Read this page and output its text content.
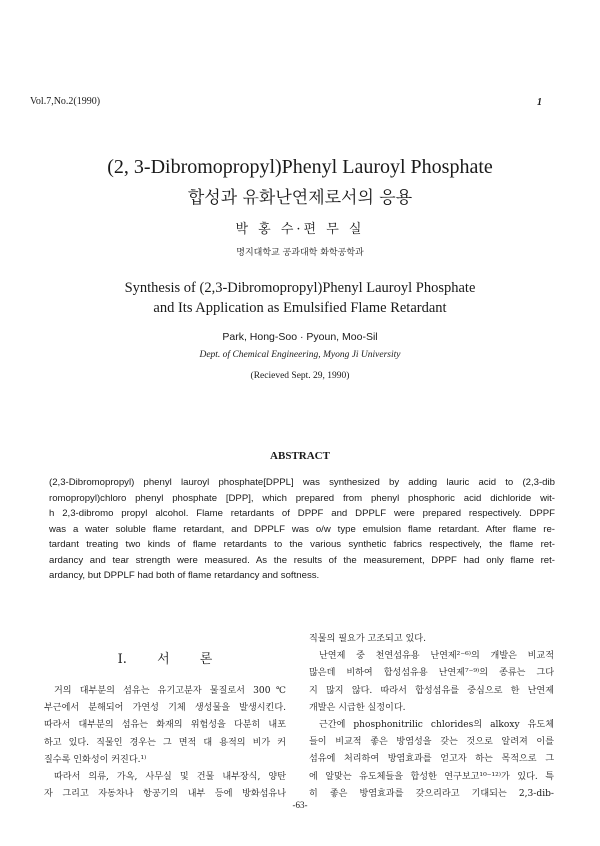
Vol.7,No.2(1990)	1
(2, 3-Dibromopropyl)Phenyl Lauroyl Phosphate
합성과 유화난연제로서의 응용
박 홍 수·편 무 실
명지대학교 공과대학 화학공학과
Synthesis of (2,3-Dibromopropyl)Phenyl Lauroyl Phosphate
and Its Application as Emulsified Flame Retardant
Park, Hong-Soo · Pyoun, Moo-Sil
Dept. of Chemical Engineering, Myong Ji University
(Recieved Sept. 29, 1990)
ABSTRACT
(2,3-Dibromopropyl) phenyl lauroyl phosphate[DPPL] was synthesized by adding lauric acid to (2,3-dib
romopropyl)chloro phenyl phosphate [DPP], which prepared from phenyl phosphoric acid dichloride wit-
h 2,3-dibromo propyl alcohol. Flame retardants of DPPF and DPPLF were prepared respectively. DPPF
was a water soluble flame retardant, and DPPLF was o/w type emulsion flame retardant. After flame re-
tardant treating two kinds of flame retardants to the various synthetic fabrics respectively, the flame ret-
ardancy and tear strength were measured. As the results of the measurement, DPPF had only flame ret-
ardancy, but DPPLF had both of flame retardancy and softness.
I. 서 론
거의 대부분의 섬유는 유기고분자 물질로서 300℃
부근에서 분해되어 가연성 기체 생성물을 발생시킨다.
따라서 대부분의 섬유는 화재의 위험성을 다분히 내포
하고 있다. 직물인 경우는 그 면적 대 용적의 비가 커
질수록 인화성이 커진다.¹⁾
따라서 의류, 가옥, 사무실 및 건물 내부장식, 양탄
자 그리고 자동차나 항공기의 내부 등에 방화섬유나
직물의 필요가 고조되고 있다.
난연제 중 천연섬유용 난연제²⁻⁶⁾의 개발은 비교적
많은데 비하여 합성섬유용 난연제⁷⁻⁹⁾의 종류는 그다
지 많지 않다. 따라서 합성섬유를 중심으로 한 난연제
개발은 시급한 실정이다.
근간에 phosphonitrilic chlorides의 alkoxy 유도체
들이 비교적 좋은 방염성을 갖는 것으로 알려져 이를
섬유에 처리하여 방염효과를 얻고자 하는 목적으로 그
에 알맞는 유도체들을 합성한 연구보고¹⁰⁻¹²⁾가 있다. 특
히 좋은 방염효과를 갖으리라고 기대되는 2,3-dib-
-63-
